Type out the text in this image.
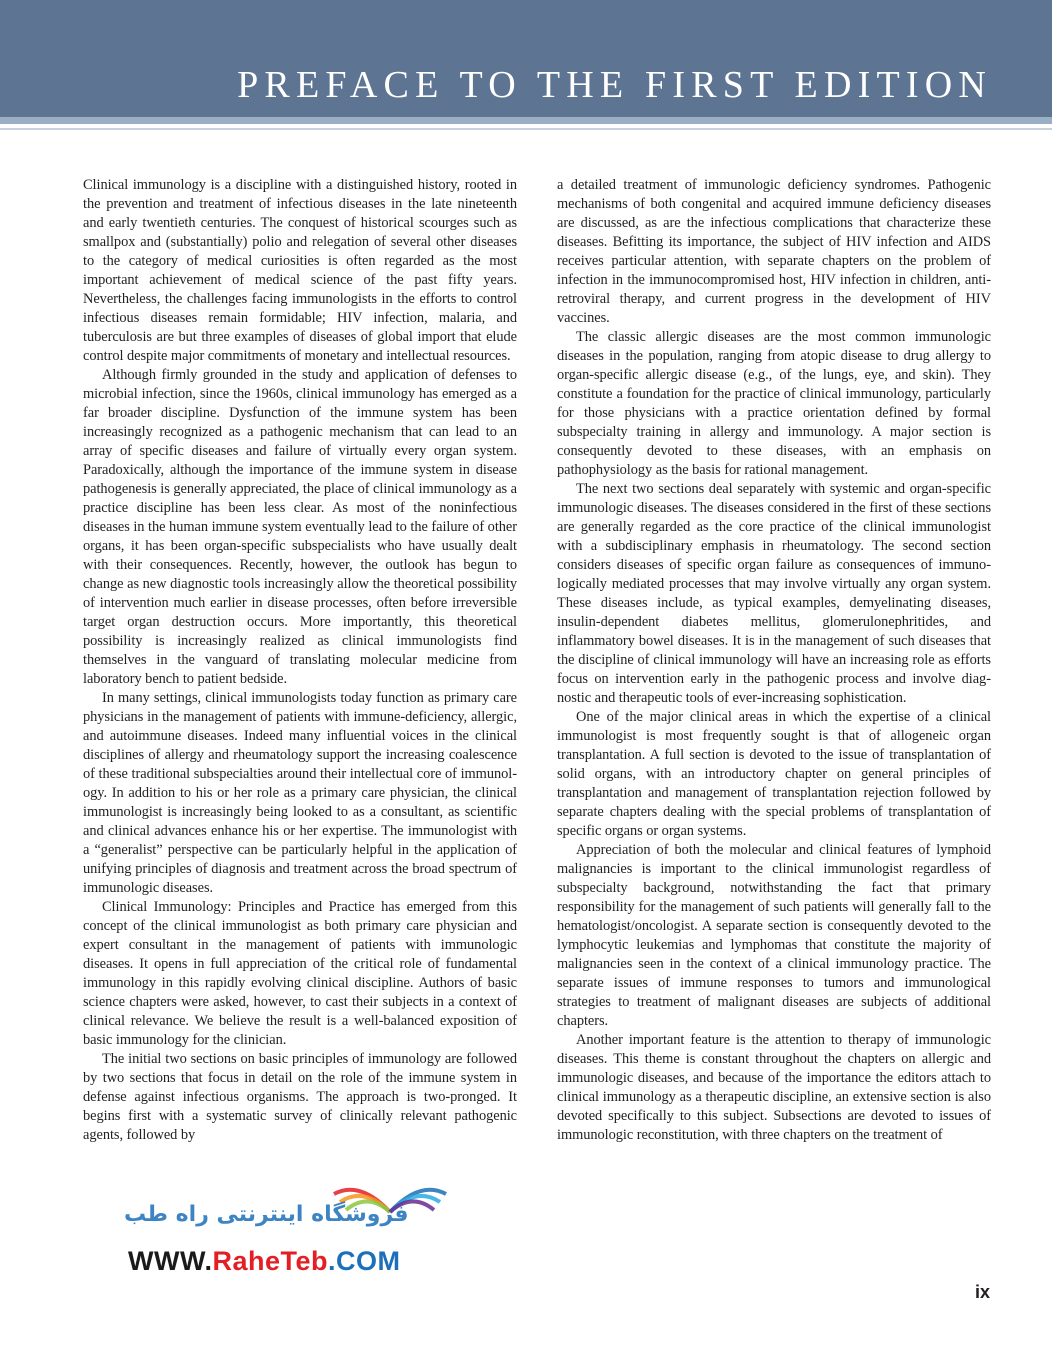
PREFACE TO THE FIRST EDITION

Clinical immunology is a discipline with a distinguished history, rooted in the prevention and treatment of infectious diseases in the late nineteenth and early twentieth centuries. The conquest of historical scourges such as smallpox and (substantially) polio and relegation of several other diseases to the category of medical curiosities is often regarded as the most important achievement of medical science of the past fifty years. Nevertheless, the challenges facing immunologists in the efforts to control infectious diseases remain formidable; HIV infection, malaria, and tuberculosis are but three examples of diseases of global import that elude control despite major commitments of monetary and intellectual resources.

Although firmly grounded in the study and application of defenses to microbial infection, since the 1960s, clinical immunology has emerged as a far broader discipline. Dysfunction of the immune system has been increasingly recognized as a pathogenic mechanism that can lead to an array of specific diseases and failure of virtually every organ system. Paradoxically, although the importance of the immune system in disease pathogenesis is generally appreciated, the place of clinical immunology as a practice discipline has been less clear. As most of the noninfectious diseases in the human immune system eventually lead to the failure of other organs, it has been organ-specific subspecialists who have usually dealt with their consequences. Recently, however, the outlook has begun to change as new diagnostic tools increasingly allow the theoretical possibility of intervention much earlier in disease processes, often before irreversible target organ destruction occurs. More importantly, this theoretical possibility is increasingly realized as clinical immunologists find themselves in the vanguard of translating molecular medicine from laboratory bench to patient bedside.

In many settings, clinical immunologists today function as primary care physicians in the management of patients with immune-deficiency, allergic, and autoimmune diseases. Indeed many influential voices in the clinical disciplines of allergy and rheumatology support the increasing coalescence of these traditional subspecialties around their intellectual core of immunology. In addition to his or her role as a primary care physician, the clinical immunologist is increasingly being looked to as a consultant, as scientific and clinical advances enhance his or her expertise. The immunologist with a “generalist” perspective can be particularly helpful in the application of unifying principles of diagnosis and treatment across the broad spectrum of immunologic diseases.

Clinical Immunology: Principles and Practice has emerged from this concept of the clinical immunologist as both primary care physician and expert consultant in the management of patients with immunologic diseases. It opens in full appreciation of the critical role of fundamental immunology in this rapidly evolving clinical discipline. Authors of basic science chapters were asked, however, to cast their subjects in a context of clinical relevance. We believe the result is a well-balanced exposition of basic immunology for the clinician.

The initial two sections on basic principles of immunology are followed by two sections that focus in detail on the role of the immune system in defense against infectious organisms. The approach is two-pronged. It begins first with a systematic survey of clinically relevant pathogenic agents, followed by

a detailed treatment of immunologic deficiency syndromes. Pathogenic mechanisms of both congenital and acquired immune deficiency diseases are discussed, as are the infectious complications that characterize these diseases. Befitting its importance, the subject of HIV infection and AIDS receives particular attention, with separate chapters on the problem of infection in the immunocompromised host, HIV infection in children, anti-retroviral therapy, and current progress in the development of HIV vaccines.

The classic allergic diseases are the most common immunologic diseases in the population, ranging from atopic disease to drug allergy to organ-specific allergic disease (e.g., of the lungs, eye, and skin). They constitute a foundation for the practice of clinical immunology, particularly for those physicians with a practice orientation defined by formal subspecialty training in allergy and immunology. A major section is consequently devoted to these diseases, with an emphasis on pathophysiology as the basis for rational management.

The next two sections deal separately with systemic and organ-specific immunologic diseases. The diseases considered in the first of these sections are generally regarded as the core practice of the clinical immunologist with a subdisciplinary emphasis in rheumatology. The second section considers diseases of specific organ failure as consequences of immunologically mediated processes that may involve virtually any organ system. These diseases include, as typical examples, demyelinating diseases, insulin-dependent diabetes mellitus, glomerulonephritides, and inflammatory bowel diseases. It is in the management of such diseases that the discipline of clinical immunology will have an increasing role as efforts focus on intervention early in the pathogenic process and involve diagnostic and therapeutic tools of ever-increasing sophistication.

One of the major clinical areas in which the expertise of a clinical immunologist is most frequently sought is that of allogeneic organ transplantation. A full section is devoted to the issue of transplantation of solid organs, with an introductory chapter on general principles of transplantation and management of transplantation rejection followed by separate chapters dealing with the special problems of transplantation of specific organs or organ systems.

Appreciation of both the molecular and clinical features of lymphoid malignancies is important to the clinical immunologist regardless of subspecialty background, notwithstanding the fact that primary responsibility for the management of such patients will generally fall to the hematologist/oncologist. A separate section is consequently devoted to the lymphocytic leukemias and lymphomas that constitute the majority of malignancies seen in the context of a clinical immunology practice. The separate issues of immune responses to tumors and immunological strategies to treatment of malignant diseases are subjects of additional chapters.

Another important feature is the attention to therapy of immunologic diseases. This theme is constant throughout the chapters on allergic and immunologic diseases, and because of the importance the editors attach to clinical immunology as a therapeutic discipline, an extensive section is also devoted specifically to this subject. Subsections are devoted to issues of immunologic reconstitution, with three chapters on the treatment of

ix
فروشگاه اینترنتی راه طب
WWW.RaheTeb.COM
